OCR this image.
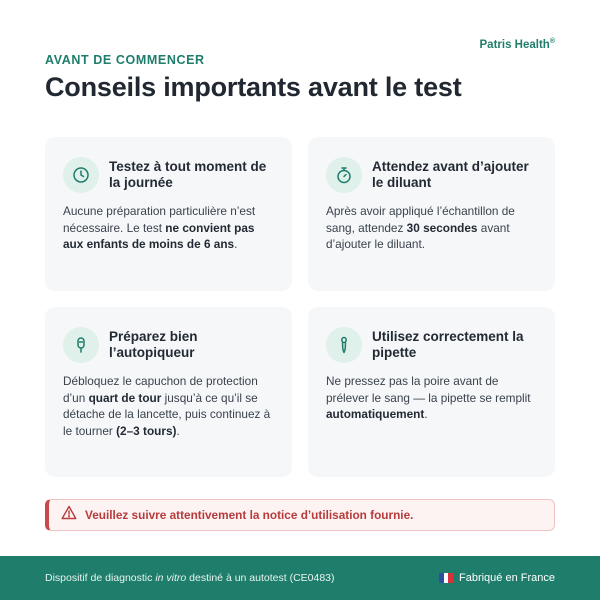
AVANT DE COMMENCER
Patris Health®
Conseils importants avant le test
Testez à tout moment de la journée

Aucune préparation particulière n’est nécessaire. Le test ne convient pas aux enfants de moins de 6 ans.

Attendez avant d’ajouter le diluant

Après avoir appliqué l’échantillon de sang, attendez 30 secondes avant d’ajouter le diluant.

Préparez bien l’autopiqueur

Débloquez le capuchon de protection d’un quart de tour jusqu’à ce qu’il se détache de la lancette, puis continuez à le tourner (2–3 tours).

Utilisez correctement la pipette

Ne pressez pas la poire avant de prélever le sang — la pipette se remplit automatiquement.

Veuillez suivre attentivement la notice d’utilisation fournie.
Dispositif de diagnostic in vitro destiné à un autotest (CE0483)	Fabriqué en France
